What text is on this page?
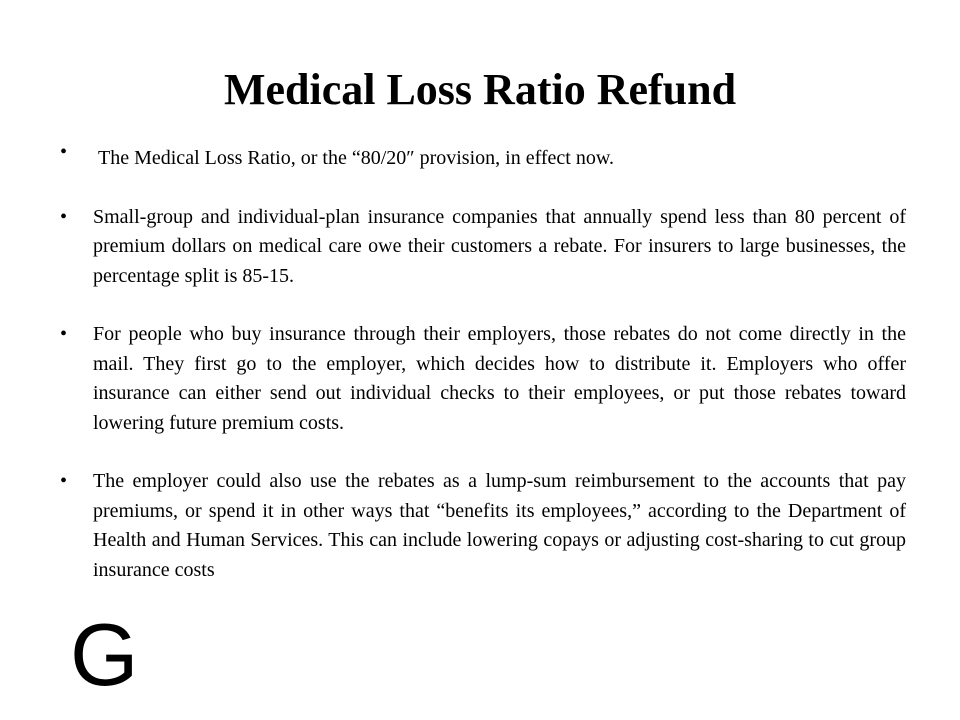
Medical Loss Ratio Refund
•	The Medical Loss Ratio, or the “80/20″ provision, in effect now.
•	Small-group and individual-plan insurance companies that annually spend less than 80 percent of premium dollars on medical care owe their customers a rebate. For insurers to large businesses, the percentage split is 85-15.
•	For people who buy insurance through their employers, those rebates do not come directly in the mail. They first go to the employer, which decides how to distribute it. Employers who offer insurance can either send out individual checks to their employees, or put those rebates toward lowering future premium costs.
•	The employer could also use the rebates as a lump-sum reimbursement to the accounts that pay premiums, or spend it in other ways that “benefits its employees,” according to the Department of Health and Human Services. This can include lowering copays or adjusting cost-sharing to cut group insurance costs
G
